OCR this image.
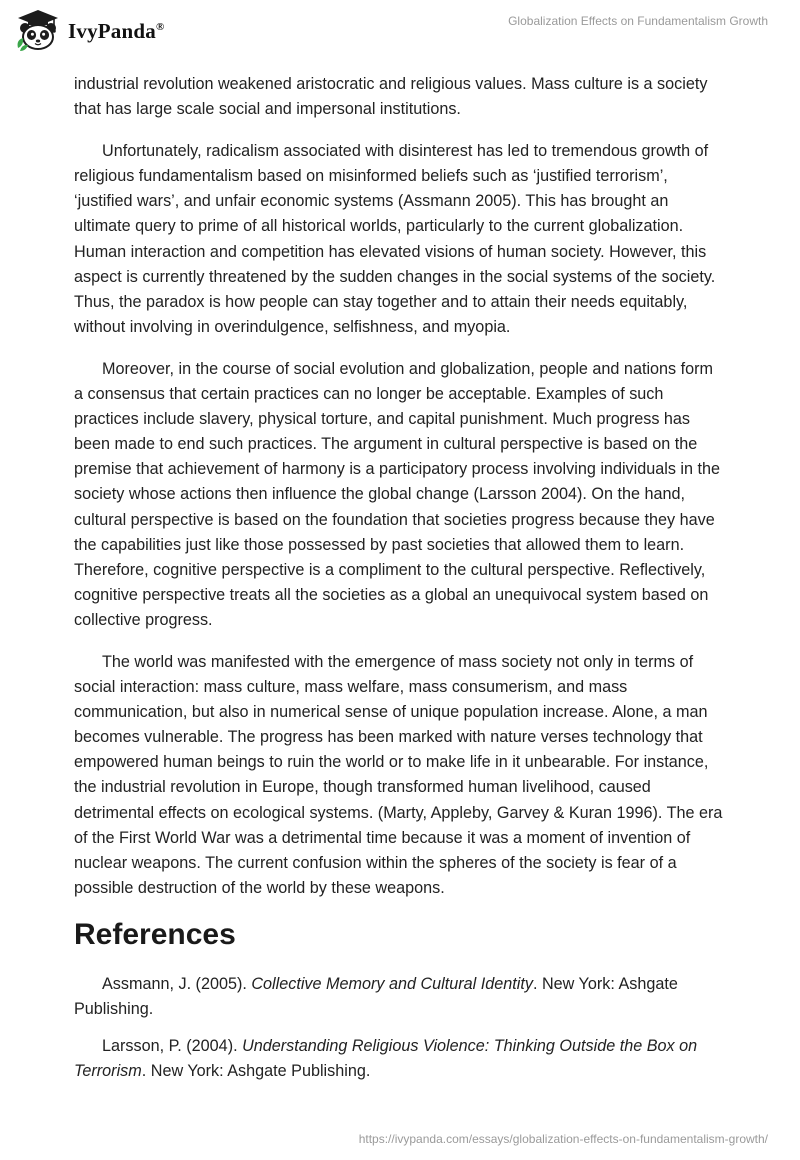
IvyPanda®	Globalization Effects on Fundamentalism Growth

industrial revolution weakened aristocratic and religious values. Mass culture is a society that has large scale social and impersonal institutions.

Unfortunately, radicalism associated with disinterest has led to tremendous growth of religious fundamentalism based on misinformed beliefs such as ‘justified terrorism’, ‘justified wars’, and unfair economic systems (Assmann 2005). This has brought an ultimate query to prime of all historical worlds, particularly to the current globalization. Human interaction and competition has elevated visions of human society. However, this aspect is currently threatened by the sudden changes in the social systems of the society. Thus, the paradox is how people can stay together and to attain their needs equitably, without involving in overindulgence, selfishness, and myopia.

Moreover, in the course of social evolution and globalization, people and nations form a consensus that certain practices can no longer be acceptable. Examples of such practices include slavery, physical torture, and capital punishment. Much progress has been made to end such practices. The argument in cultural perspective is based on the premise that achievement of harmony is a participatory process involving individuals in the society whose actions then influence the global change (Larsson 2004). On the hand, cultural perspective is based on the foundation that societies progress because they have the capabilities just like those possessed by past societies that allowed them to learn. Therefore, cognitive perspective is a compliment to the cultural perspective. Reflectively, cognitive perspective treats all the societies as a global an unequivocal system based on collective progress.

The world was manifested with the emergence of mass society not only in terms of social interaction: mass culture, mass welfare, mass consumerism, and mass communication, but also in numerical sense of unique population increase. Alone, a man becomes vulnerable. The progress has been marked with nature verses technology that empowered human beings to ruin the world or to make life in it unbearable. For instance, the industrial revolution in Europe, though transformed human livelihood, caused detrimental effects on ecological systems. (Marty, Appleby, Garvey & Kuran 1996). The era of the First World War was a detrimental time because it was a moment of invention of nuclear weapons. The current confusion within the spheres of the society is fear of a possible destruction of the world by these weapons.

References

Assmann, J. (2005). Collective Memory and Cultural Identity. New York: Ashgate Publishing.

Larsson, P. (2004). Understanding Religious Violence: Thinking Outside the Box on Terrorism. New York: Ashgate Publishing.

https://ivypanda.com/essays/globalization-effects-on-fundamentalism-growth/
